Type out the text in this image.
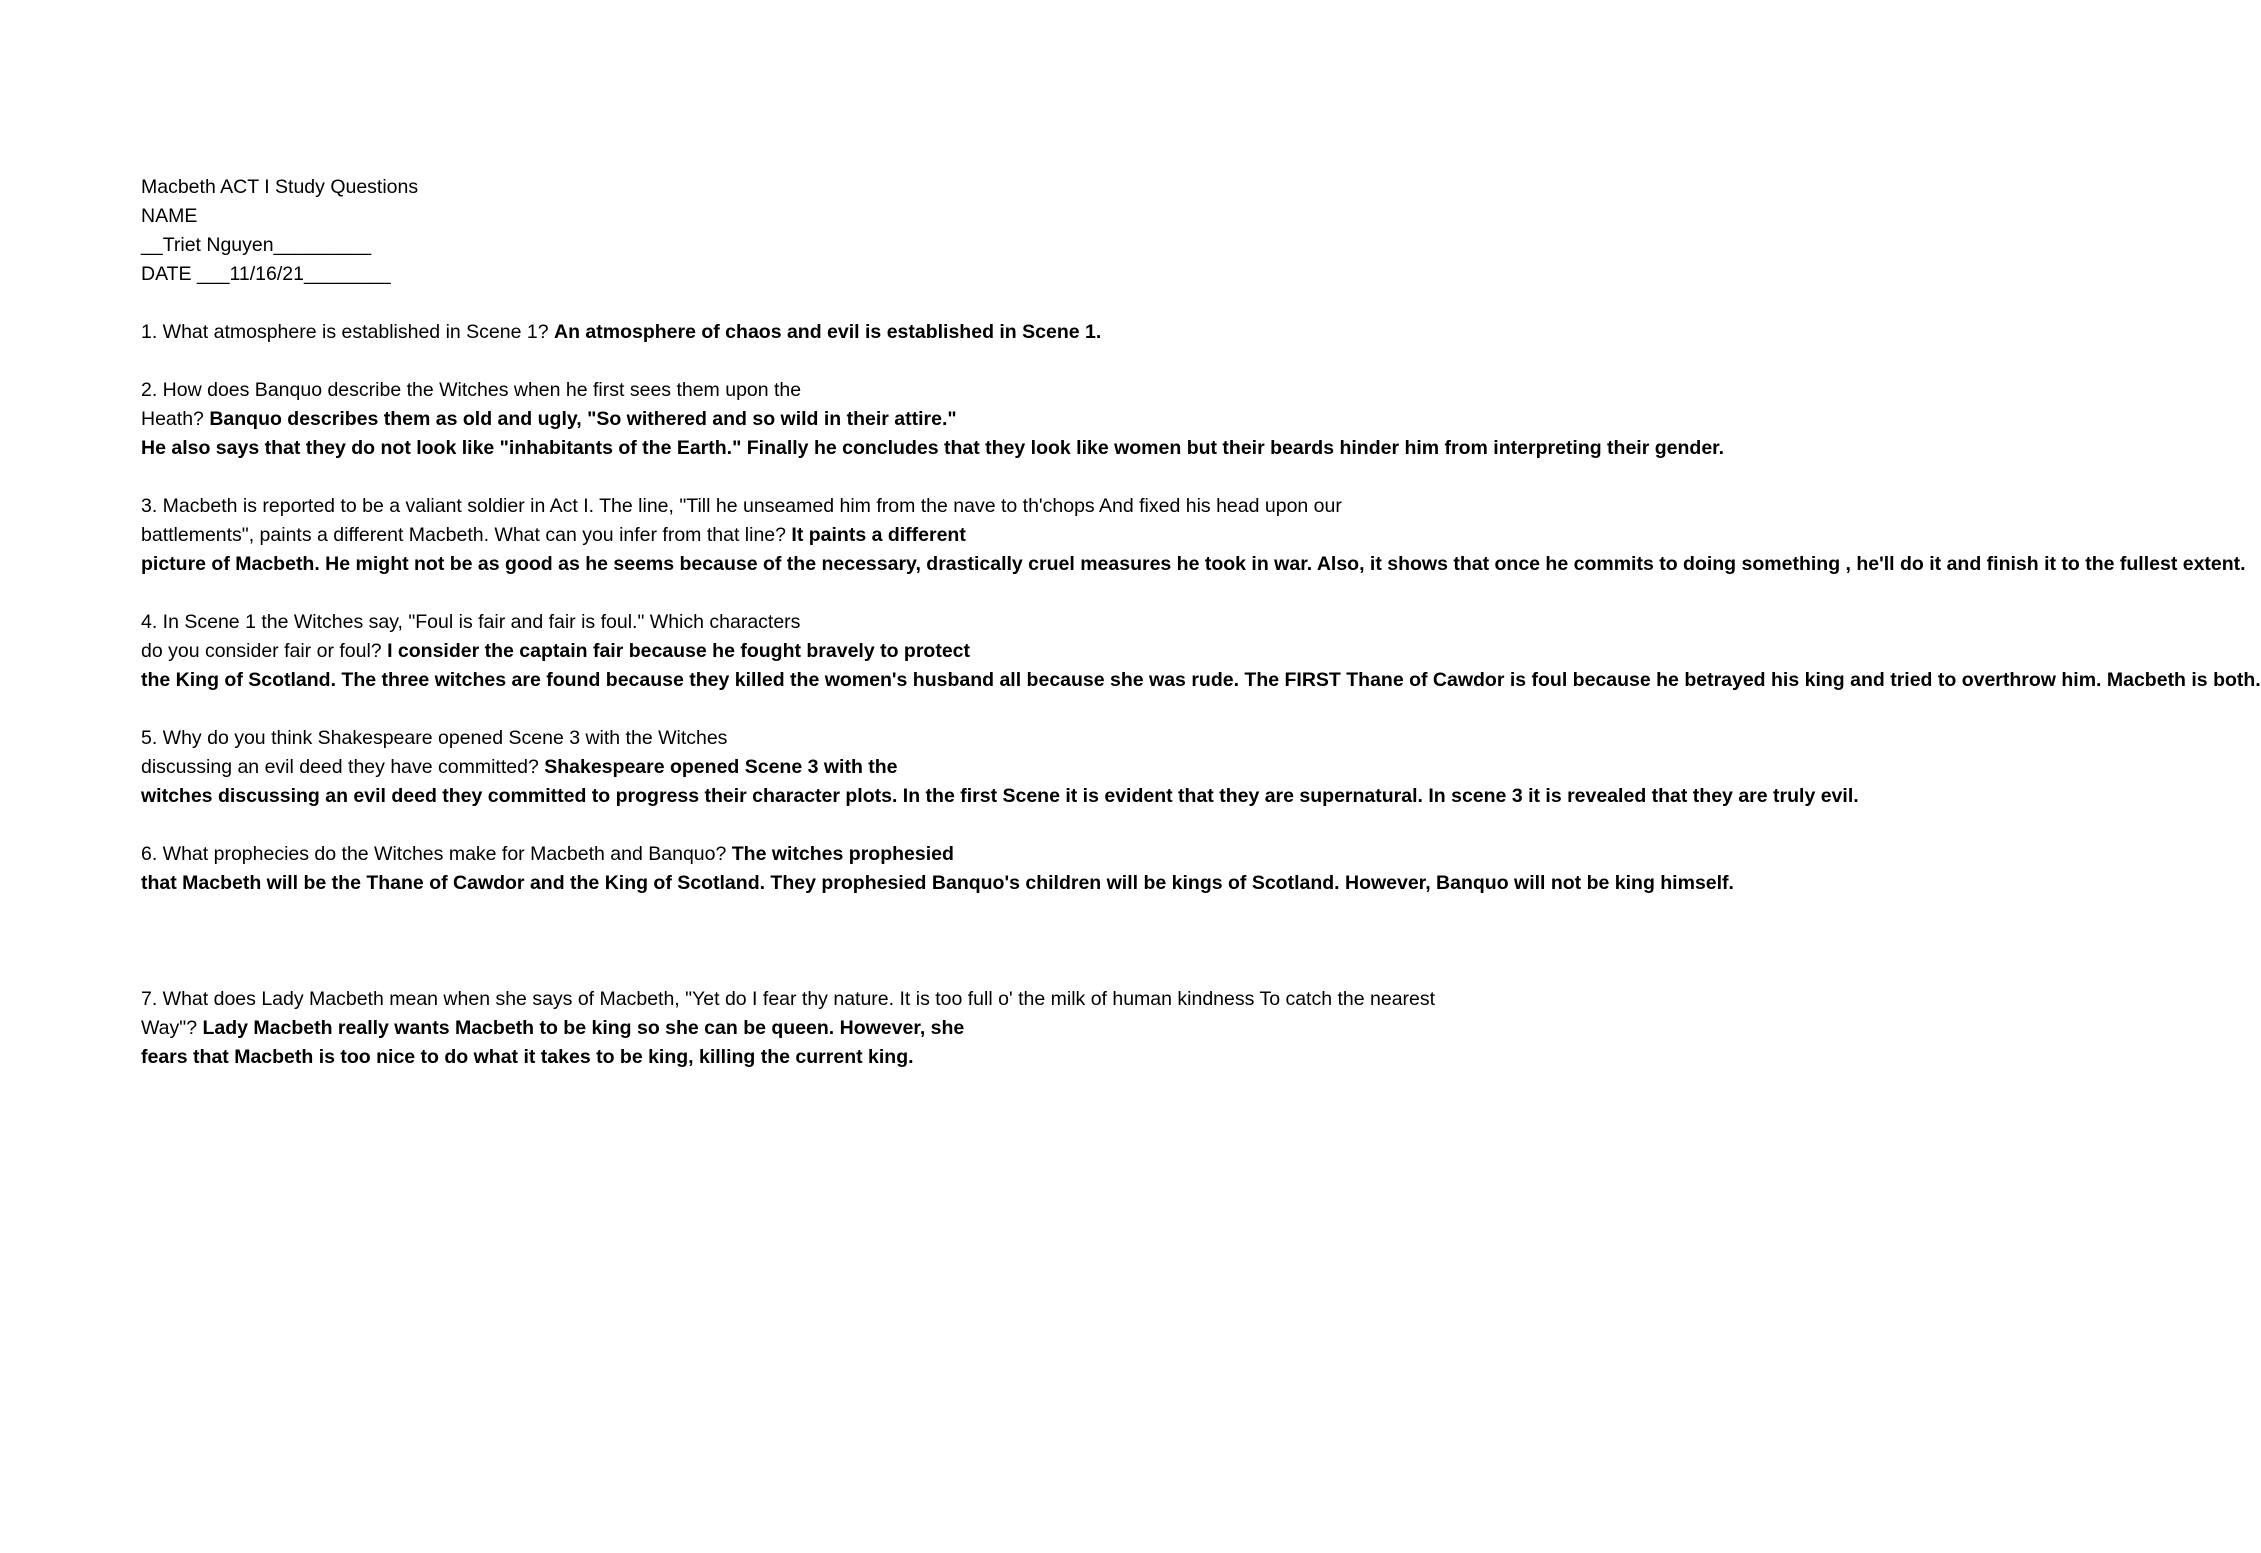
Macbeth ACT I Study Questions
NAME
__Triet Nguyen_________
DATE ___11/16/21________
1. What atmosphere is established in Scene 1? An atmosphere of chaos and evil is established in Scene 1.
2. How does Banquo describe the Witches when he first sees them upon the
Heath? Banquo describes them as old and ugly, "So withered and so wild in their attire."
He also says that they do not look like "inhabitants of the Earth." Finally he concludes that they look like women but their beards hinder him from interpreting their gender.
3. Macbeth is reported to be a valiant soldier in Act I. The line, "Till he unseamed him from the nave to th'chops And fixed his head upon our
battlements", paints a different Macbeth. What can you infer from that line? It paints a different
picture of Macbeth. He might not be as good as he seems because of the necessary, drastically cruel measures he took in war. Also, it shows that once he commits to doing something , he'll do it and finish it to the fullest extent.
4. In Scene 1 the Witches say, "Foul is fair and fair is foul." Which characters
do you consider fair or foul? I consider the captain fair because he fought bravely to protect
the King of Scotland. The three witches are found because they killed the women's husband all because she was rude. The FIRST Thane of Cawdor is foul because he betrayed his king and tried to overthrow him. Macbeth is both.
5. Why do you think Shakespeare opened Scene 3 with the Witches
discussing an evil deed they have committed? Shakespeare opened Scene 3 with the
witches discussing an evil deed they committed to progress their character plots. In the first Scene it is evident that they are supernatural. In scene 3 it is revealed that they are truly evil.
6. What prophecies do the Witches make for Macbeth and Banquo? The witches prophesied
that Macbeth will be the Thane of Cawdor and the King of Scotland. They prophesied Banquo's children will be kings of Scotland. However, Banquo will not be king himself.
7. What does Lady Macbeth mean when she says of Macbeth, "Yet do I fear thy nature. It is too full o' the milk of human kindness To catch the nearest
Way"? Lady Macbeth really wants Macbeth to be king so she can be queen. However, she
fears that Macbeth is too nice to do what it takes to be king, killing the current king.
